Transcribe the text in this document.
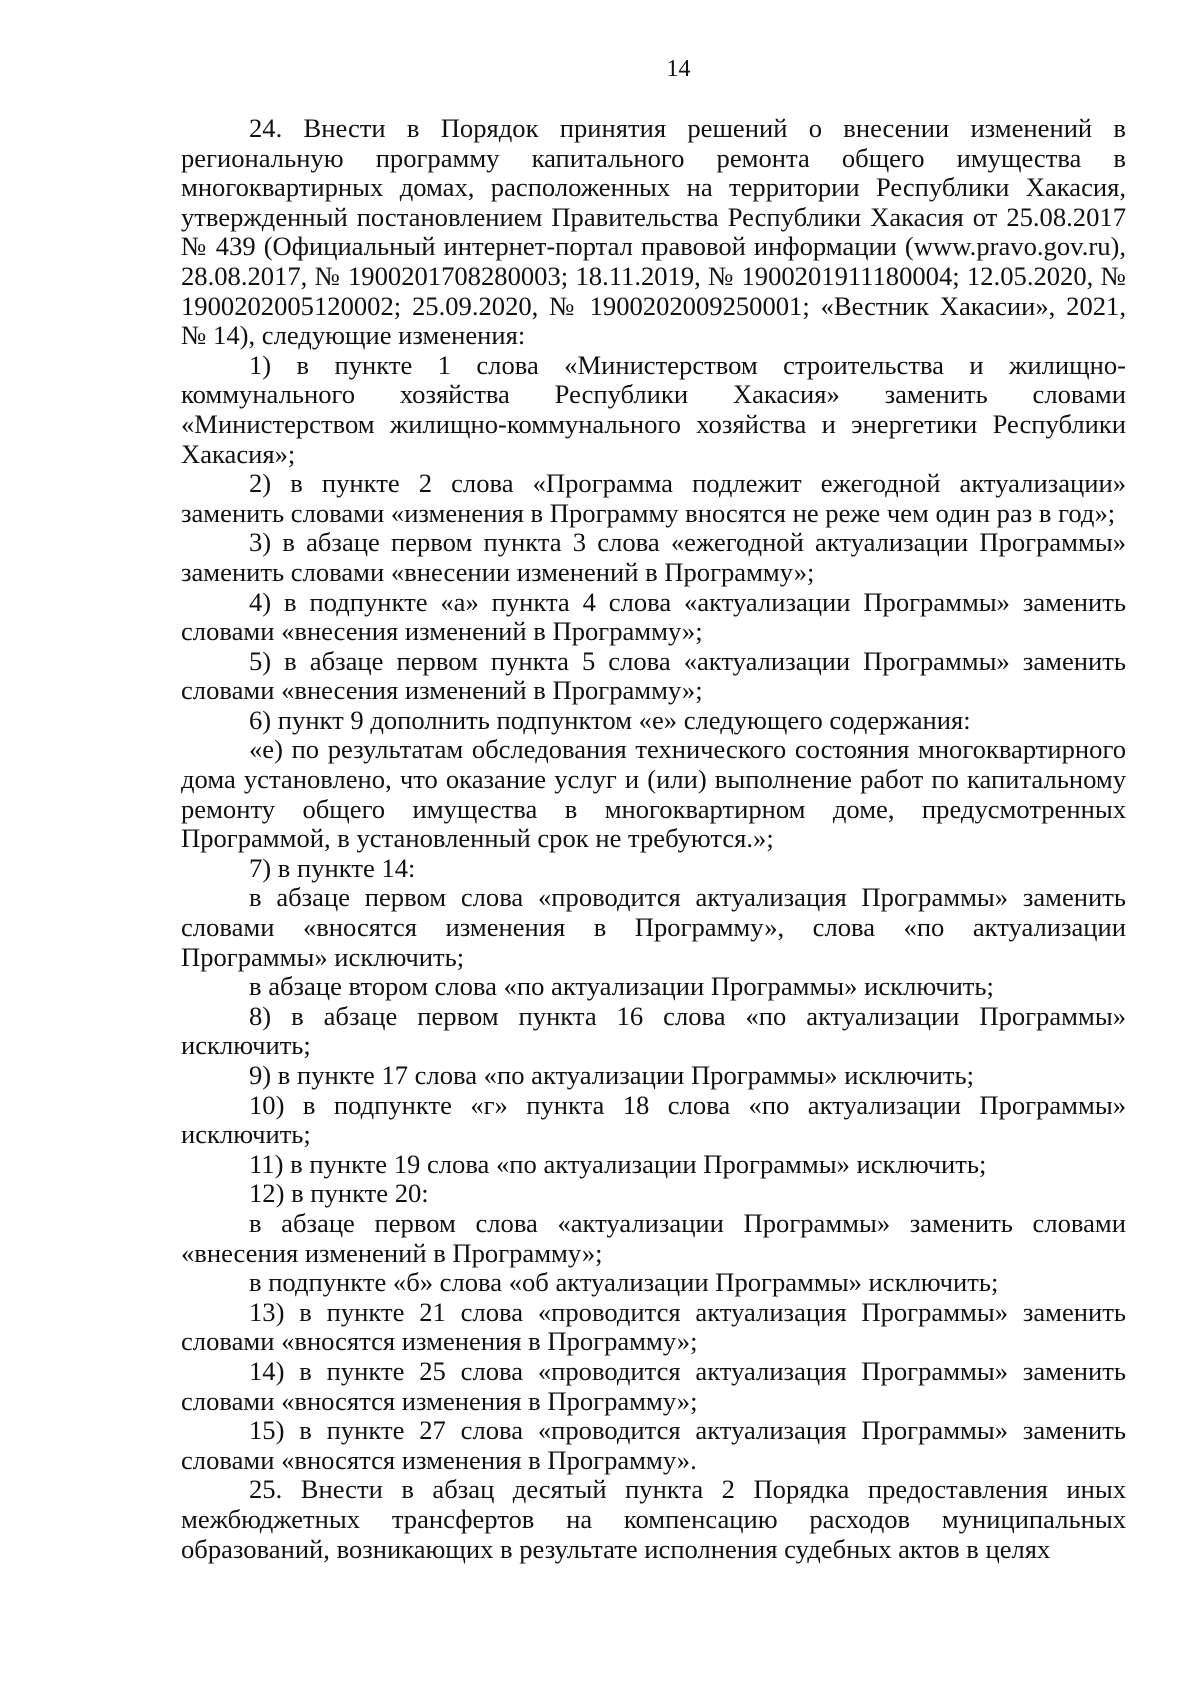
14

24. Внести в Порядок принятия решений о внесении изменений в региональную программу капитального ремонта общего имущества в многоквартирных домах, расположенных на территории Республики Хакасия, утвержденный постановлением Правительства Республики Хакасия от 25.08.2017 № 439 (Официальный интернет-портал правовой информации (www.pravo.gov.ru), 28.08.2017, № 1900201708280003; 18.11.2019, № 1900201911180004; 12.05.2020, № 1900202005120002; 25.09.2020, № 1900202009250001; «Вестник Хакасии», 2021, № 14), следующие изменения:

1) в пункте 1 слова «Министерством строительства и жилищно-коммунального хозяйства Республики Хакасия» заменить словами «Министерством жилищно-коммунального хозяйства и энергетики Республики Хакасия»;

2) в пункте 2 слова «Программа подлежит ежегодной актуализации» заменить словами «изменения в Программу вносятся не реже чем один раз в год»;

3) в абзаце первом пункта 3 слова «ежегодной актуализации Программы» заменить словами «внесении изменений в Программу»;

4) в подпункте «а» пункта 4 слова «актуализации Программы» заменить словами «внесения изменений в Программу»;

5) в абзаце первом пункта 5 слова «актуализации Программы» заменить словами «внесения изменений в Программу»;

6) пункт 9 дополнить подпунктом «е» следующего содержания:

«е) по результатам обследования технического состояния многоквартирного дома установлено, что оказание услуг и (или) выполнение работ по капитальному ремонту общего имущества в многоквартирном доме, предусмотренных Программой, в установленный срок не требуются.»;

7) в пункте 14:

в абзаце первом слова «проводится актуализация Программы» заменить словами «вносятся изменения в Программу», слова «по актуализации Программы» исключить;

в абзаце втором слова «по актуализации Программы» исключить;

8) в абзаце первом пункта 16 слова «по актуализации Программы» исключить;

9) в пункте 17 слова «по актуализации Программы» исключить;

10) в подпункте «г» пункта 18 слова «по актуализации Программы» исключить;

11) в пункте 19 слова «по актуализации Программы» исключить;

12) в пункте 20:

в абзаце первом слова «актуализации Программы» заменить словами «внесения изменений в Программу»;

в подпункте «б» слова «об актуализации Программы» исключить;

13) в пункте 21 слова «проводится актуализация Программы» заменить словами «вносятся изменения в Программу»;

14) в пункте 25 слова «проводится актуализация Программы» заменить словами «вносятся изменения в Программу»;

15) в пункте 27 слова «проводится актуализация Программы» заменить словами «вносятся изменения в Программу».

25. Внести в абзац десятый пункта 2 Порядка предоставления иных межбюджетных трансфертов на компенсацию расходов муниципальных образований, возникающих в результате исполнения судебных актов в целях
